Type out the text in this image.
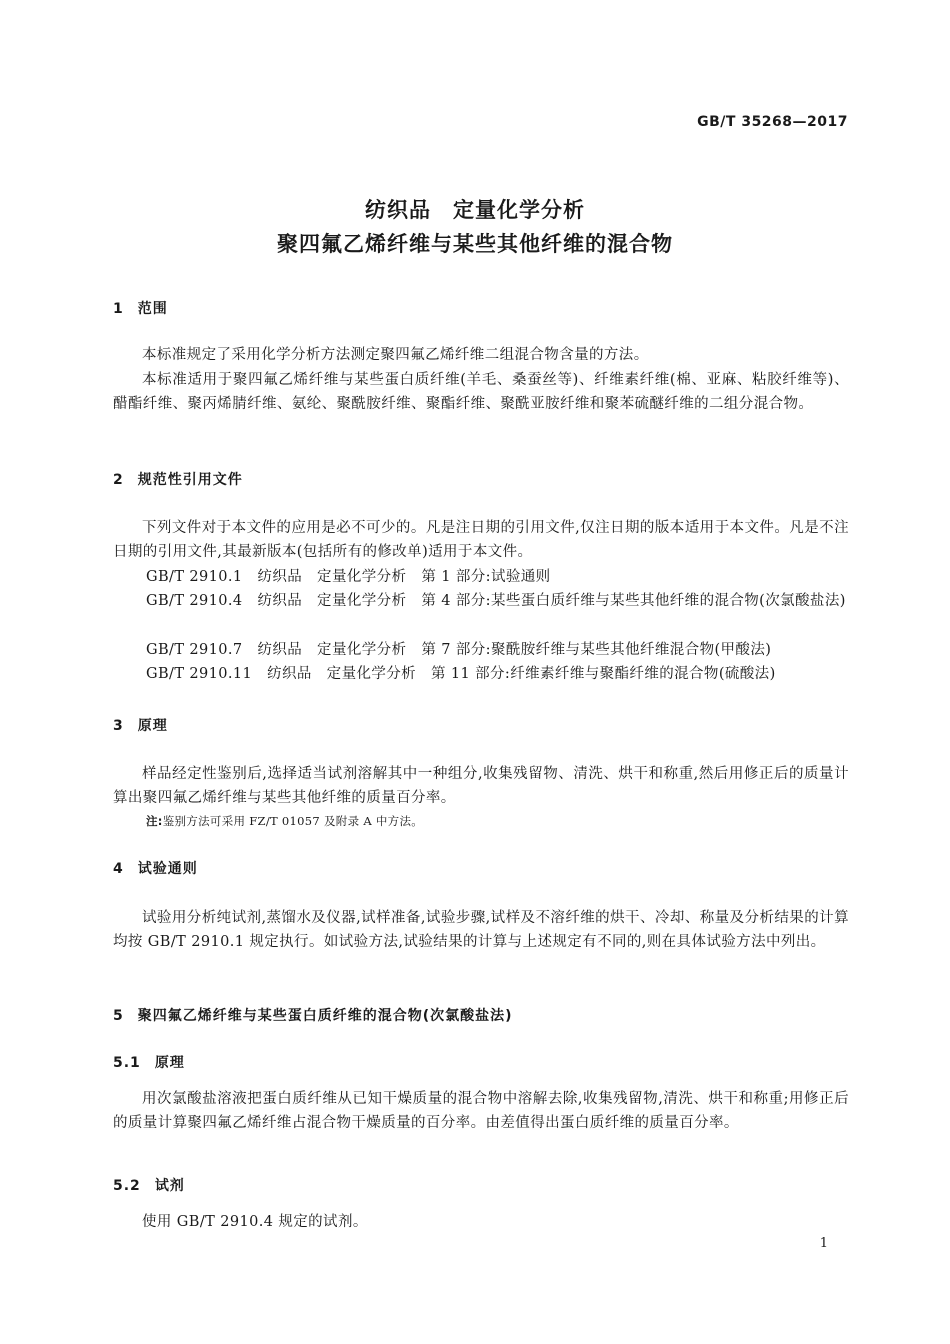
GB/T 35268—2017
纺织品　定量化学分析
聚四氟乙烯纤维与某些其他纤维的混合物
1 范围
本标准规定了采用化学分析方法测定聚四氟乙烯纤维二组混合物含量的方法。
本标准适用于聚四氟乙烯纤维与某些蛋白质纤维(羊毛、桑蚕丝等)、纤维素纤维(棉、亚麻、粘胶纤维等)、醋酯纤维、聚丙烯腈纤维、氨纶、聚酰胺纤维、聚酯纤维、聚酰亚胺纤维和聚苯硫醚纤维的二组分混合物。
2 规范性引用文件
下列文件对于本文件的应用是必不可少的。凡是注日期的引用文件,仅注日期的版本适用于本文件。凡是不注日期的引用文件,其最新版本(包括所有的修改单)适用于本文件。
GB/T 2910.1　纺织品　定量化学分析　第 1 部分:试验通则
GB/T 2910.4　纺织品　定量化学分析　第 4 部分:某些蛋白质纤维与某些其他纤维的混合物(次氯酸盐法)
GB/T 2910.7　纺织品　定量化学分析　第 7 部分:聚酰胺纤维与某些其他纤维混合物(甲酸法)
GB/T 2910.11　纺织品　定量化学分析　第 11 部分:纤维素纤维与聚酯纤维的混合物(硫酸法)
3 原理
样品经定性鉴别后,选择适当试剂溶解其中一种组分,收集残留物、清洗、烘干和称重,然后用修正后的质量计算出聚四氟乙烯纤维与某些其他纤维的质量百分率。
注:鉴别方法可采用 FZ/T 01057 及附录 A 中方法。
4 试验通则
试验用分析纯试剂,蒸馏水及仪器,试样准备,试验步骤,试样及不溶纤维的烘干、冷却、称量及分析结果的计算均按 GB/T 2910.1 规定执行。如试验方法,试验结果的计算与上述规定有不同的,则在具体试验方法中列出。
5 聚四氟乙烯纤维与某些蛋白质纤维的混合物(次氯酸盐法)
5.1 原理
用次氯酸盐溶液把蛋白质纤维从已知干燥质量的混合物中溶解去除,收集残留物,清洗、烘干和称重;用修正后的质量计算聚四氟乙烯纤维占混合物干燥质量的百分率。由差值得出蛋白质纤维的质量百分率。
5.2 试剂
使用 GB/T 2910.4 规定的试剂。
1
